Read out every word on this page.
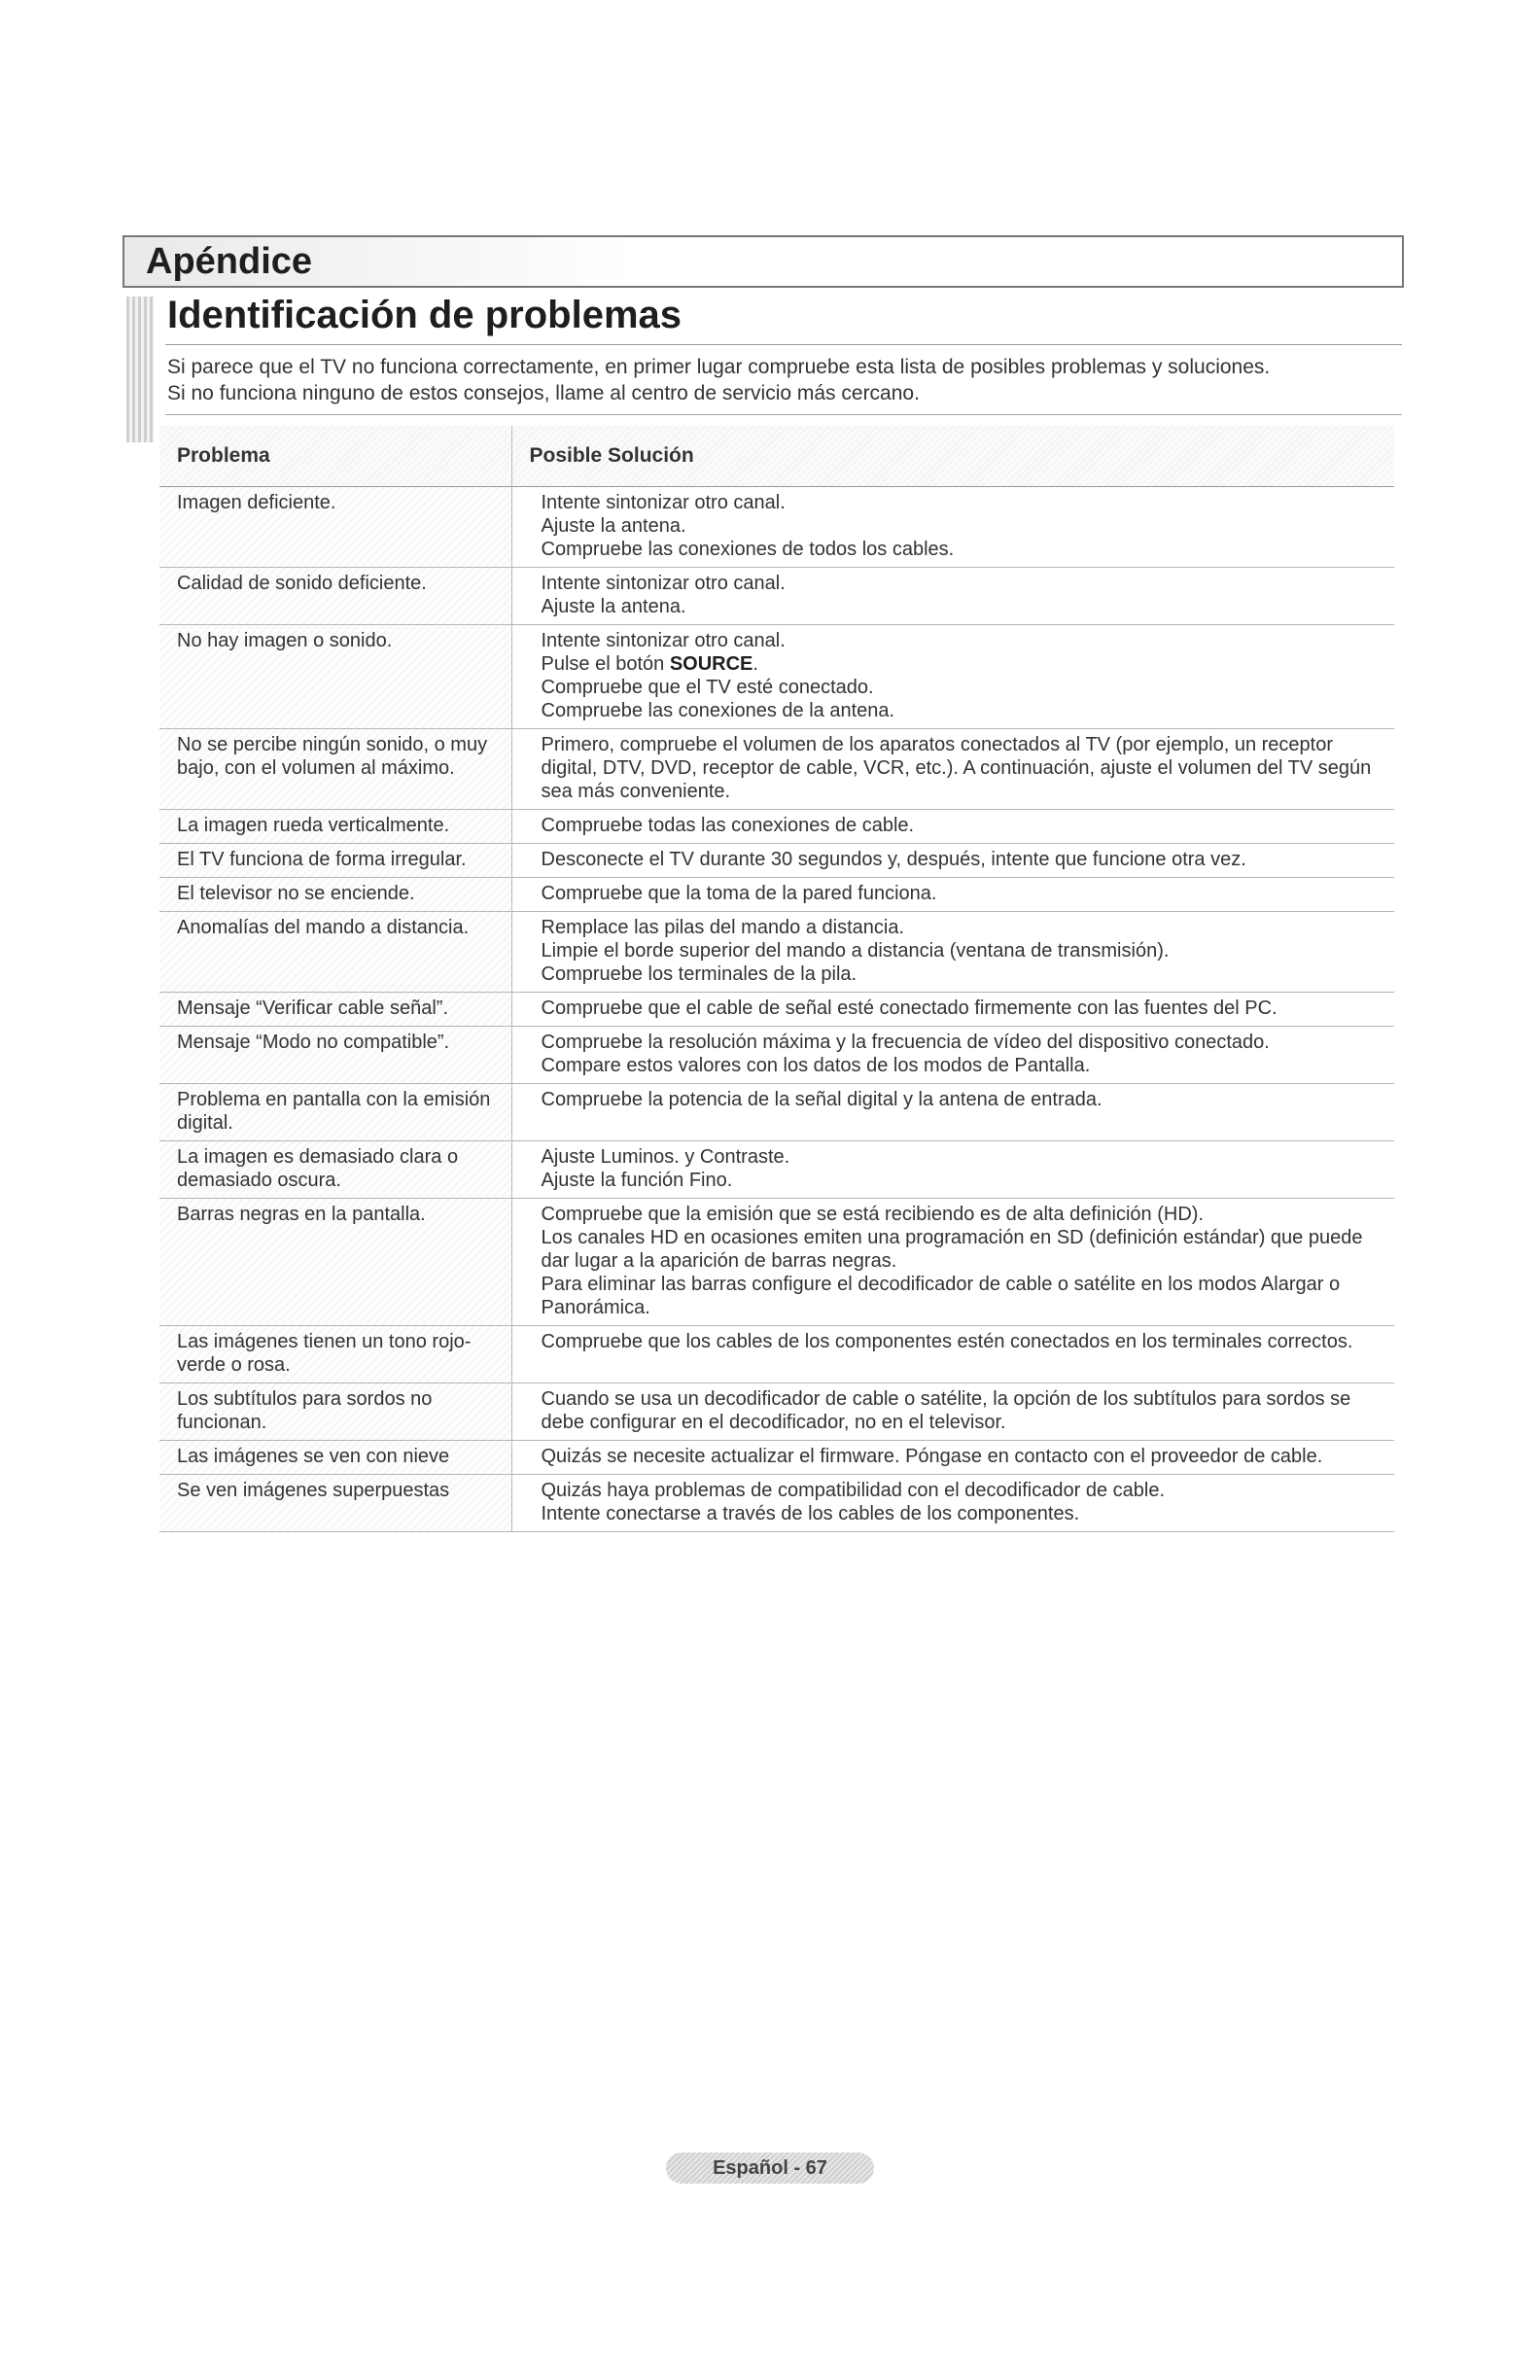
Apéndice
Identificación de problemas
Si parece que el TV no funciona correctamente, en primer lugar compruebe esta lista de posibles problemas y soluciones.
Si no funciona ninguno de estos consejos, llame al centro de servicio más cercano.
Problema	Posible Solución
Imagen deficiente.	Intente sintonizar otro canal.
Ajuste la antena.
Compruebe las conexiones de todos los cables.

Calidad de sonido deficiente.	Intente sintonizar otro canal.
Ajuste la antena.

No hay imagen o sonido.	Intente sintonizar otro canal.
Pulse el botón SOURCE.
Compruebe que el TV esté conectado.
Compruebe las conexiones de la antena.

No se percibe ningún sonido, o muy bajo, con el volumen al máximo.	Primero, compruebe el volumen de los aparatos conectados al TV (por ejemplo, un receptor digital, DTV, DVD, receptor de cable, VCR, etc.). A continuación, ajuste el volumen del TV según sea más conveniente.

La imagen rueda verticalmente.	Compruebe todas las conexiones de cable.

El TV funciona de forma irregular.	Desconecte el TV durante 30 segundos y, después, intente que funcione otra vez.

El televisor no se enciende.	Compruebe que la toma de la pared funciona.

Anomalías del mando a distancia.	Remplace las pilas del mando a distancia.
Limpie el borde superior del mando a distancia (ventana de transmisión).
Compruebe los terminales de la pila.

Mensaje “Verificar cable señal”.	Compruebe que el cable de señal esté conectado firmemente con las fuentes del PC.

Mensaje “Modo no compatible”.	Compruebe la resolución máxima y la frecuencia de vídeo del dispositivo conectado.
Compare estos valores con los datos de los modos de Pantalla.

Problema en pantalla con la emisión digital.	Compruebe la potencia de la señal digital y la antena de entrada.

La imagen es demasiado clara o demasiado oscura.	Ajuste Luminos. y Contraste.
Ajuste la función Fino.

Barras negras en la pantalla.	Compruebe que la emisión que se está recibiendo es de alta definición (HD).
Los canales HD en ocasiones emiten una programación en SD (definición estándar) que puede dar lugar a la aparición de barras negras.
Para eliminar las barras configure el decodificador de cable o satélite en los modos Alargar o Panorámica.

Las imágenes tienen un tono rojo-verde o rosa.	Compruebe que los cables de los componentes estén conectados en los terminales correctos.

Los subtítulos para sordos no funcionan.	Cuando se usa un decodificador de cable o satélite, la opción de los subtítulos para sordos se debe configurar en el decodificador, no en el televisor.

Las imágenes se ven con nieve	Quizás se necesite actualizar el firmware. Póngase en contacto con el proveedor de cable.

Se ven imágenes superpuestas	Quizás haya problemas de compatibilidad con el decodificador de cable.
Intente conectarse a través de los cables de los componentes.
Español - 67
